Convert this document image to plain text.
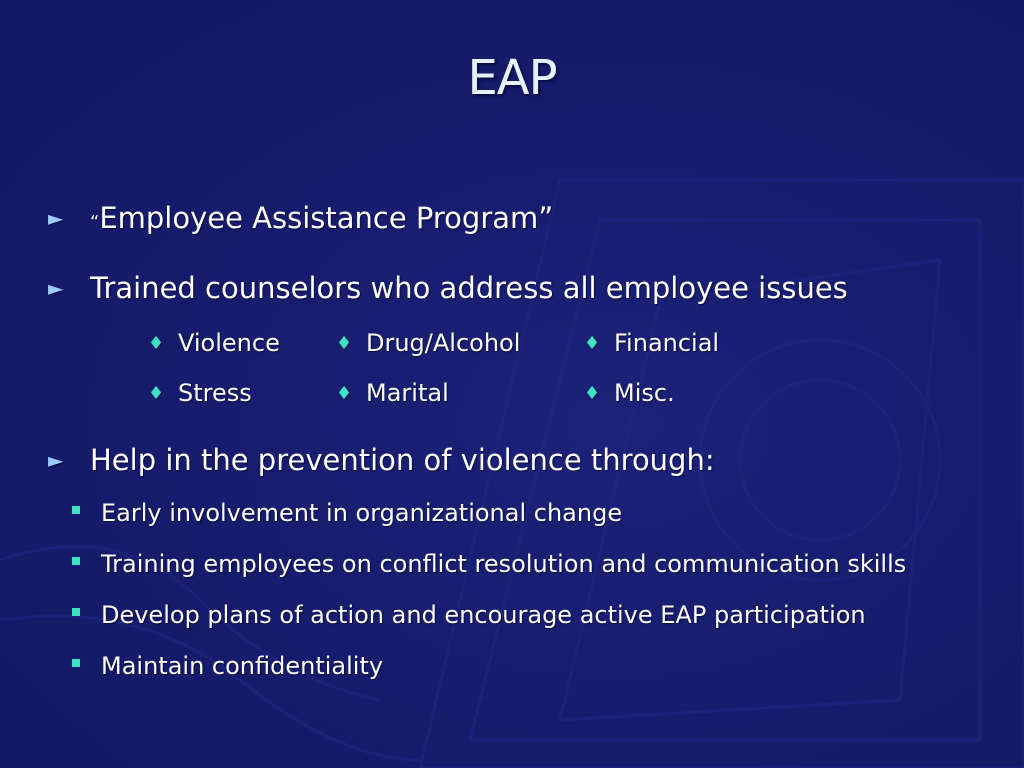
EAP
► “Employee Assistance Program”
► Trained counselors who address all employee issues
♦ Violence	♦ Drug/Alcohol	♦ Financial
♦ Stress	♦ Marital	♦ Misc.
► Help in the prevention of violence through:
Early involvement in organizational change
Training employees on conflict resolution and communication skills
Develop plans of action and encourage active EAP participation
Maintain confidentiality
